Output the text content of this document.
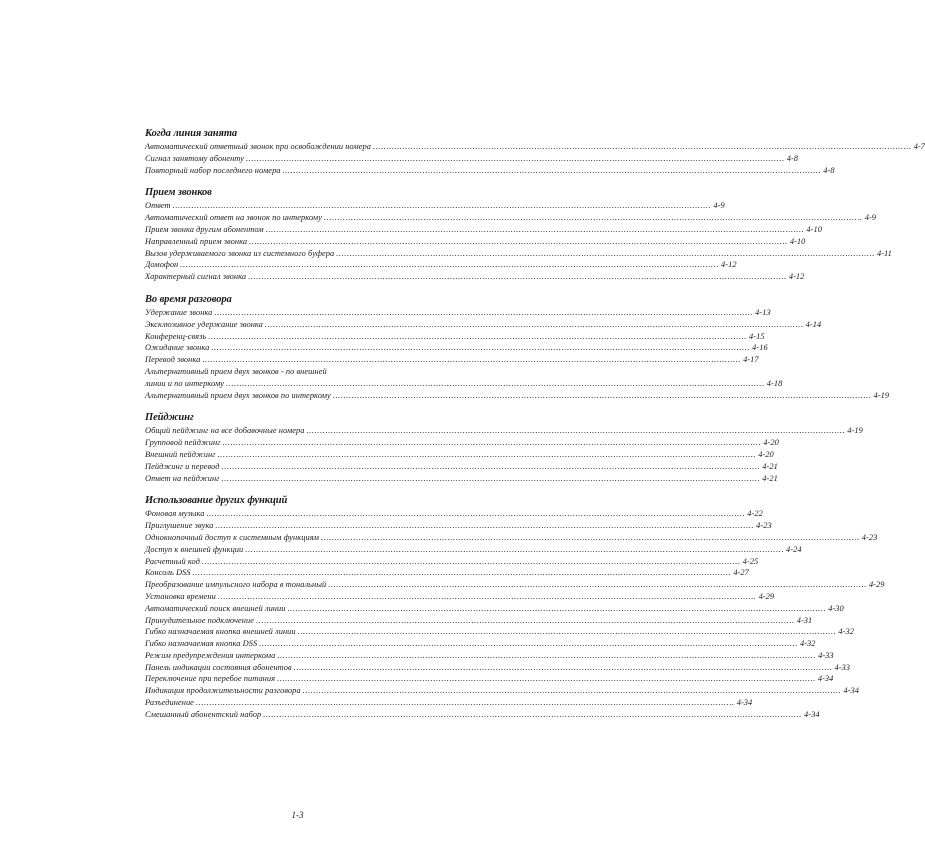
Когда линия занята
Автоматический ответный звонок при освобождении номера .....	4-7
Сигнал занятому абоненту .....	4-8
Повторный набор последнего номера .....	4-8
Прием звонков
Ответ .....	4-9
Автоматический ответ на звонок по интеркому .....	4-9
Прием звонка другим абонентом .....	4-10
Направленный прием звонка .....	4-10
Вызов удерживаемого звонка из системного буфера .....	4-11
Домофон .....	4-12
Характерный сигнал звонка .....	4-12
Во время разговора
Удержание звонка .....	4-13
Эксклюзивное удержание звонка .....	4-14
Конференц-связь .....	4-15
Ожидание звонка .....	4-16
Перевод звонка .....	4-17
Альтернативный прием двух звонков - по внешней
линии и по интеркому .....	4-18
Альтернативный прием двух звонков по интеркому .....	4-19
Пейджинг
Общий пейджинг на все добавочные номера .....	4-19
Групповой пейджинг .....	4-20
Внешний пейджинг .....	4-20
Пейджинг и перевод .....	4-21
Ответ на пейджинг .....	4-21
Использование других функций
Фоновая музыка .....	4-22
Приглушение звука .....	4-23
Однокнопочный доступ к системным функциям .....	4-23
Доступ к внешней функции .....	4-24
Расчетный код .....	4-25
Консоль DSS .....	4-27
Преобразование импульсного набора в тональный .....	4-29
Установка времени .....	4-29
Автоматический поиск внешней линии .....	4-30
Принудительное подключение .....	4-31
Гибко назначаемая кнопка внешней линии .....	4-32
Гибко назначаемая кнопка DSS .....	4-32
Режим предупреждения интеркома .....	4-33
Панель индикации состояния абонентов .....	4-33
Переключение при перебое питания .....	4-34
Индикация продолжительности разговора .....	4-34
Разъединение .....	4-34
Смешанный абонентский набор .....	4-34
1-3
